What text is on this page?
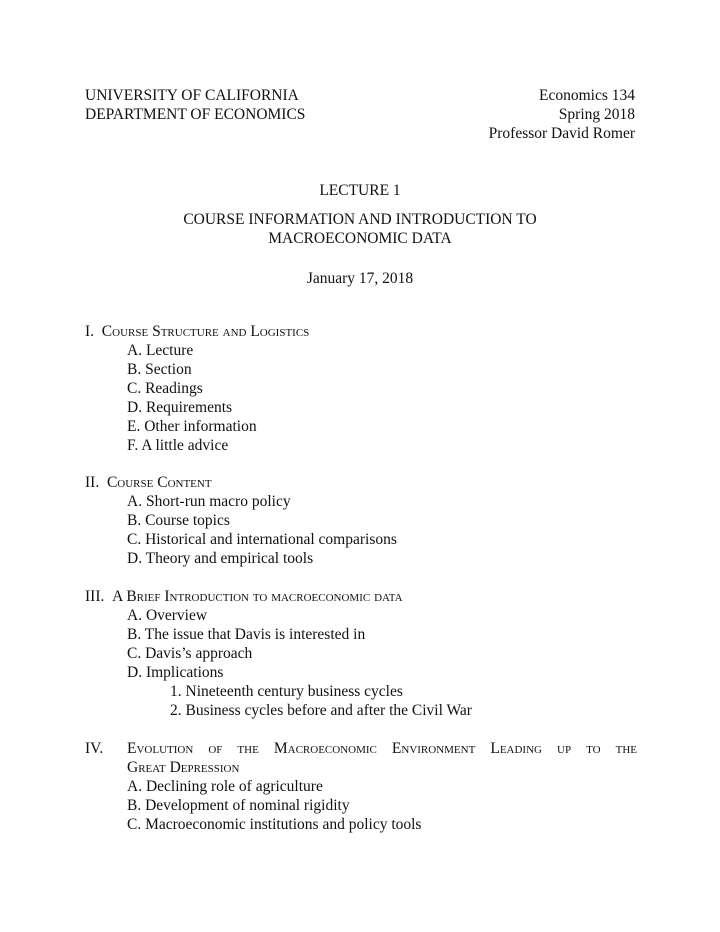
UNIVERSITY OF CALIFORNIA
DEPARTMENT OF ECONOMICS
Economics 134
Spring 2018
Professor David Romer
LECTURE 1
COURSE INFORMATION AND INTRODUCTION TO
MACROECONOMIC DATA
January 17, 2018
I. Course Structure and Logistics
A. Lecture
B. Section
C. Readings
D. Requirements
E. Other information
F. A little advice
II. Course Content
A. Short-run macro policy
B. Course topics
C. Historical and international comparisons
D. Theory and empirical tools
III. A Brief Introduction to macroeconomic data
A. Overview
B. The issue that Davis is interested in
C. Davis’s approach
D. Implications
1. Nineteenth century business cycles
2. Business cycles before and after the Civil War
IV.	Evolution of the Macroeconomic Environment Leading up to the
Great Depression
A. Declining role of agriculture
B. Development of nominal rigidity
C. Macroeconomic institutions and policy tools
